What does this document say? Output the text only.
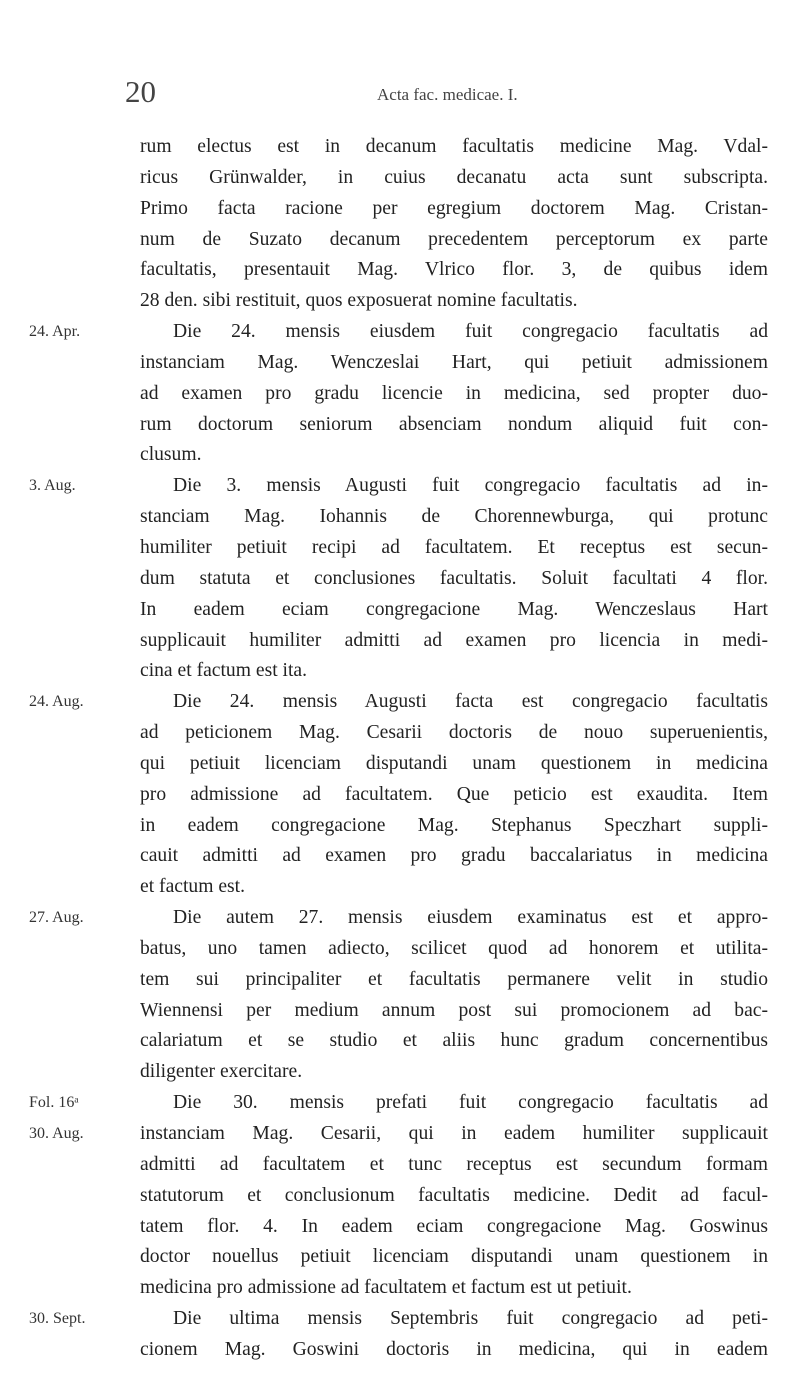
20	Acta fac. medicae. I.
rum electus est in decanum facultatis medicine Mag. Vdal-
ricus Grünwalder, in cuius decanatu acta sunt subscripta.
Primo facta racione per egregium doctorem Mag. Cristan-
num de Suzato decanum precedentem perceptorum ex parte
facultatis, presentauit Mag. Vlrico flor. 3, de quibus idem
28 den. sibi restituit, quos exposuerat nomine facultatis.
24. Apr.	Die 24. mensis eiusdem fuit congregacio facultatis ad
instanciam Mag. Wenczeslai Hart, qui petiuit admissionem
ad examen pro gradu licencie in medicina, sed propter duo-
rum doctorum seniorum absenciam nondum aliquid fuit con-
clusum.
3. Aug.	Die 3. mensis Augusti fuit congregacio facultatis ad in-
stanciam Mag. Iohannis de Chorennewburga, qui protunc
humiliter petiuit recipi ad facultatem. Et receptus est secun-
dum statuta et conclusiones facultatis. Soluit facultati 4 flor.
In eadem eciam congregacione Mag. Wenczeslaus Hart
supplicauit humiliter admitti ad examen pro licencia in medi-
cina et factum est ita.
24. Aug.	Die 24. mensis Augusti facta est congregacio facultatis
ad peticionem Mag. Cesarii doctoris de nouo superuenientis,
qui petiuit licenciam disputandi unam questionem in medicina
pro admissione ad facultatem. Que peticio est exaudita. Item
in eadem congregacione Mag. Stephanus Speczhart suppli-
cauit admitti ad examen pro gradu baccalariatus in medicina
et factum est.
27. Aug.	Die autem 27. mensis eiusdem examinatus est et appro-
batus, uno tamen adiecto, scilicet quod ad honorem et utilita-
tem sui principaliter et facultatis permanere velit in studio
Wiennensi per medium annum post sui promocionem ad bac-
calariatum et se studio et aliis hunc gradum concernentibus
diligenter exercitare.
Fol. 16ᵃ	Die 30. mensis prefati fuit congregacio facultatis ad
30. Aug.	instanciam Mag. Cesarii, qui in eadem humiliter supplicauit
admitti ad facultatem et tunc receptus est secundum formam
statutorum et conclusionum facultatis medicine. Dedit ad facul-
tatem flor. 4. In eadem eciam congregacione Mag. Goswinus
doctor nouellus petiuit licenciam disputandi unam questionem in
medicina pro admissione ad facultatem et factum est ut petiuit.
30. Sept.	Die ultima mensis Septembris fuit congregacio ad peti-
cionem Mag. Goswini doctoris in medicina, qui in eadem
